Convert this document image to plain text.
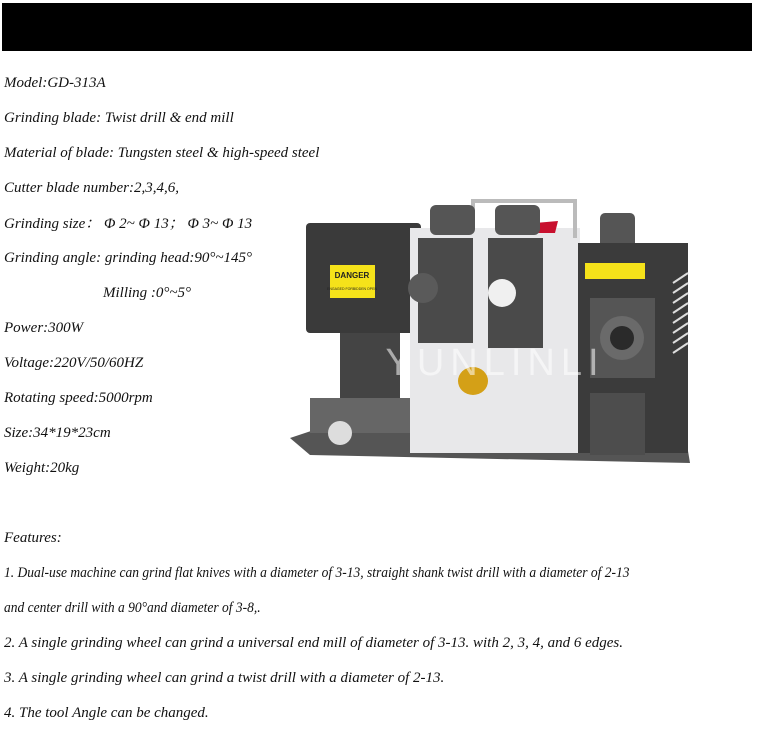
Model:GD-313A
Grinding blade: Twist drill & end mill
Material of blade: Tungsten steel & high-speed steel
Cutter blade number:2,3,4,6,
Grinding size： Φ 2~ Φ 13； Φ 3~ Φ 13
Grinding angle: grinding head:90°~145°
Milling :0°~5°
Power:300W
Voltage:220V/50/60HZ
Rotating speed:5000rpm
Size:34*19*23cm
Weight:20kg
Features:
1. Dual-use machine can grind flat knives with a diameter of 3-13, straight shank twist drill with a diameter of 2-13
and center drill with a 90°and diameter of 3-8,.
2. A single grinding wheel can grind a universal end mill of diameter of 3-13. with 2, 3, 4, and 6 edges.
3. A single grinding wheel can grind a twist drill with a diameter of 2-13.
4. The tool Angle can be changed.
DANGER
ENGAGED FORBIDDEN OPEN
YUNLINLI
